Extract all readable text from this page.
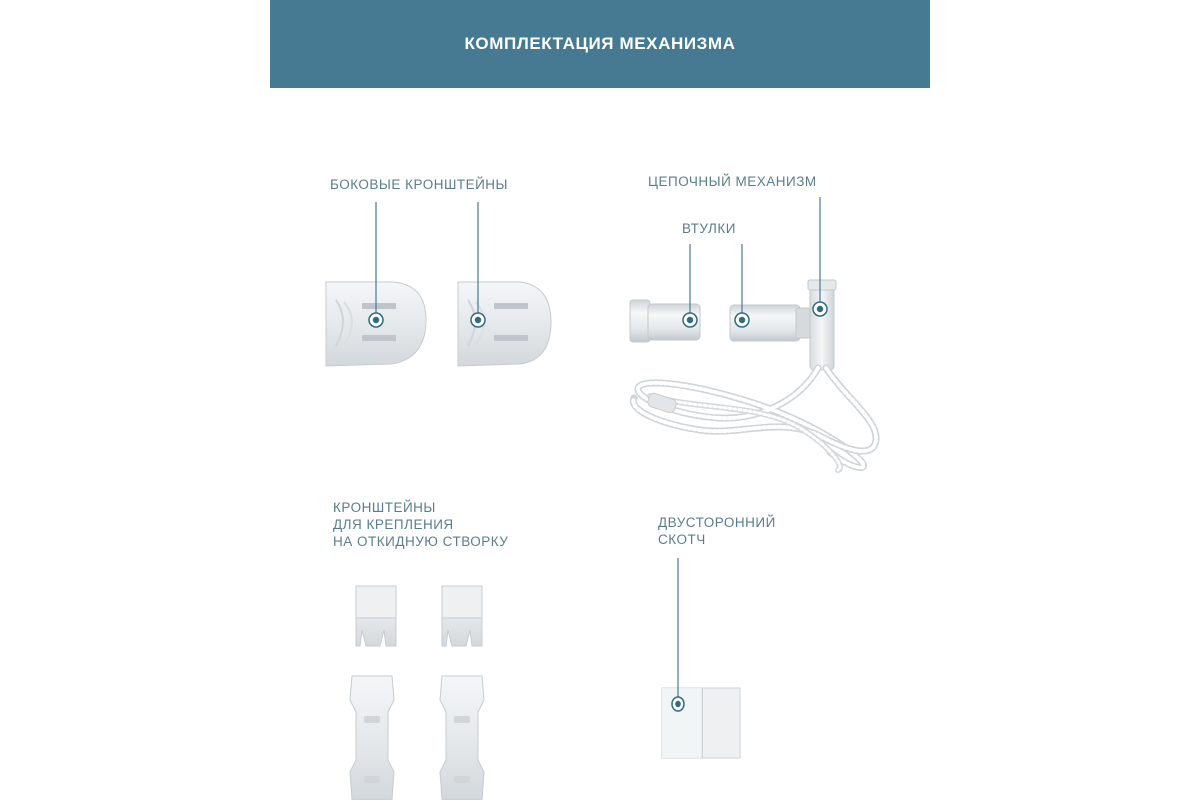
КОМПЛЕКТАЦИЯ МЕХАНИЗМА
БОКОВЫЕ КРОНШТЕЙНЫ	ЦЕПОЧНЫЙ МЕХАНИЗМ
ВТУЛКИ
КРОНШТЕЙНЫ
ДЛЯ КРЕПЛЕНИЯ
НА ОТКИДНУЮ СТВОРКУ
ДВУСТОРОННИЙ
СКОТЧ
